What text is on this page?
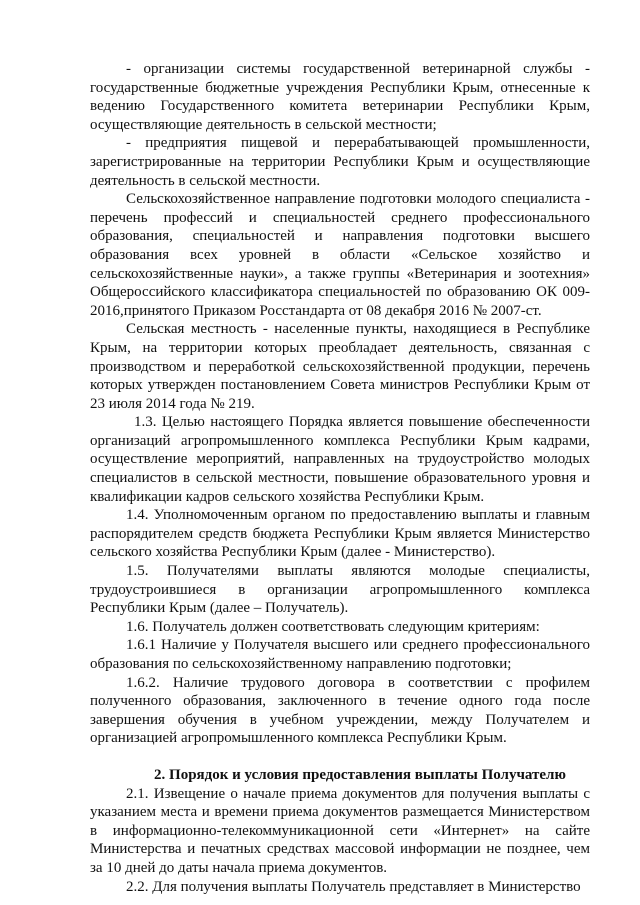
- организации системы государственной ветеринарной службы - государственные бюджетные учреждения Республики Крым, отнесенные к ведению Государственного комитета ветеринарии Республики Крым, осуществляющие деятельность в сельской местности;

- предприятия пищевой и перерабатывающей промышленности, зарегистрированные на территории Республики Крым и осуществляющие деятельность в сельской местности.

Сельскохозяйственное направление подготовки молодого специалиста - перечень профессий и специальностей среднего профессионального образования, специальностей и направления подготовки высшего образования всех уровней в области «Сельское хозяйство и сельскохозяйственные науки», а также группы «Ветеринария и зоотехния» Общероссийского классификатора специальностей по образованию ОК 009-2016,принятого Приказом Росстандарта от 08 декабря 2016 № 2007-ст.

Сельская местность - населенные пункты, находящиеся в Республике Крым, на территории которых преобладает деятельность, связанная с производством и переработкой сельскохозяйственной продукции, перечень которых утвержден постановлением Совета министров Республики Крым от 23 июля 2014 года № 219.

1.3. Целью настоящего Порядка является повышение обеспеченности организаций агропромышленного комплекса Республики Крым кадрами, осуществление мероприятий, направленных на трудоустройство молодых специалистов в сельской местности, повышение образовательного уровня и квалификации кадров сельского хозяйства Республики Крым.

1.4. Уполномоченным органом по предоставлению выплаты и главным распорядителем средств бюджета Республики Крым является Министерство сельского хозяйства Республики Крым (далее - Министерство).

1.5. Получателями выплаты являются молодые специалисты, трудоустроившиеся в организации агропромышленного комплекса Республики Крым (далее – Получатель).

1.6. Получатель должен соответствовать следующим критериям:

1.6.1 Наличие у Получателя высшего или среднего профессионального образования по сельскохозяйственному направлению подготовки;

1.6.2. Наличие трудового договора в соответствии с профилем полученного образования, заключенного в течение одного года после завершения обучения в учебном учреждении, между Получателем и организацией агропромышленного комплекса Республики Крым.

2. Порядок и условия предоставления выплаты Получателю

2.1. Извещение о начале приема документов для получения выплаты с указанием места и времени приема документов размещается Министерством в информационно-телекоммуникационной сети «Интернет» на сайте Министерства и печатных средствах массовой информации не позднее, чем за 10 дней до даты начала приема документов.

2.2. Для получения выплаты Получатель представляет в Министерство
